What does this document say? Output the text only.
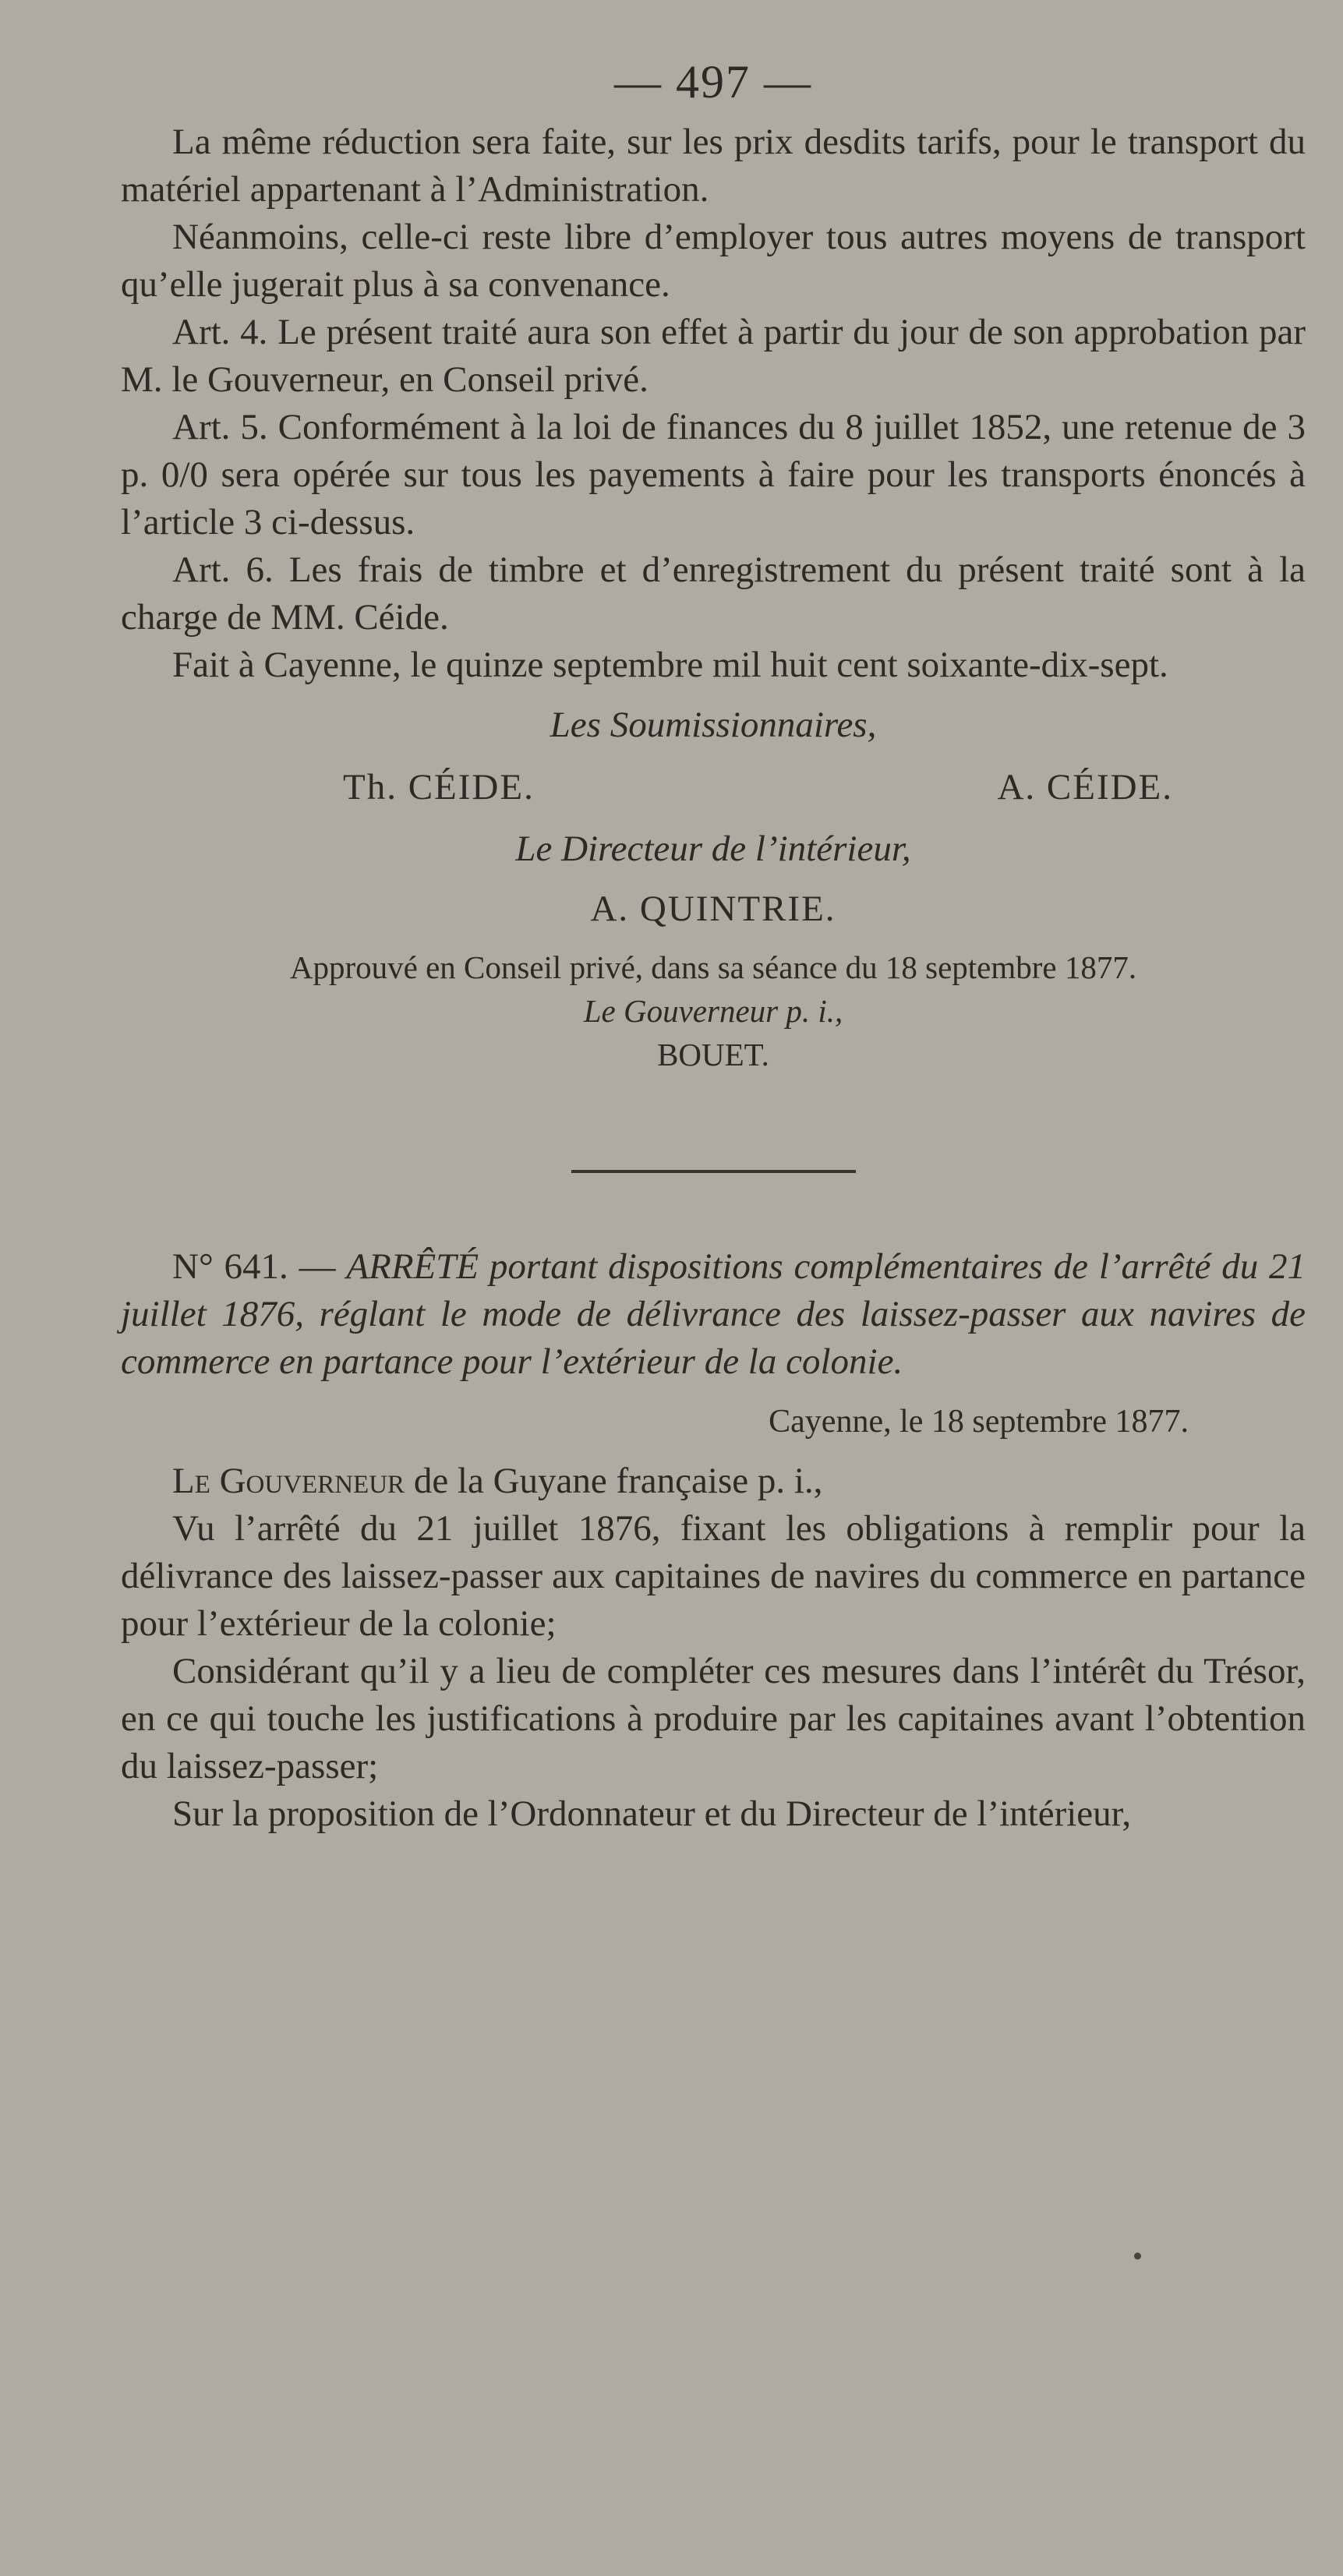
— 497 —

La même réduction sera faite, sur les prix desdits tarifs, pour le transport du matériel appartenant à l’Administration.

Néanmoins, celle-ci reste libre d’employer tous autres moyens de transport qu’elle jugerait plus à sa convenance.

Art. 4. Le présent traité aura son effet à partir du jour de son approbation par M. le Gouverneur, en Conseil privé.

Art. 5. Conformément à la loi de finances du 8 juillet 1852, une retenue de 3 p. 0/0 sera opérée sur tous les payements à faire pour les transports énoncés à l’article 3 ci-dessus.

Art. 6. Les frais de timbre et d’enregistrement du présent traité sont à la charge de MM. Céide.

Fait à Cayenne, le quinze septembre mil huit cent soixante-dix-sept.

Les Soumissionnaires,
Th. CÉIDE.	A. CÉIDE.
Le Directeur de l’intérieur,
A. QUINTRIE.
Approuvé en Conseil privé, dans sa séance du 18 septembre 1877.
Le Gouverneur p. i.,
BOUET.

N° 641. — ARRÊTÉ portant dispositions complémentaires de l’arrêté du 21 juillet 1876, réglant le mode de délivrance des laissez-passer aux navires de commerce en partance pour l’extérieur de la colonie.

Cayenne, le 18 septembre 1877.

Le Gouverneur de la Guyane française p. i.,

Vu l’arrêté du 21 juillet 1876, fixant les obligations à remplir pour la délivrance des laissez-passer aux capitaines de navires du commerce en partance pour l’extérieur de la colonie;

Considérant qu’il y a lieu de compléter ces mesures dans l’intérêt du Trésor, en ce qui touche les justifications à produire par les capitaines avant l’obtention du laissez-passer;

Sur la proposition de l’Ordonnateur et du Directeur de l’intérieur,
